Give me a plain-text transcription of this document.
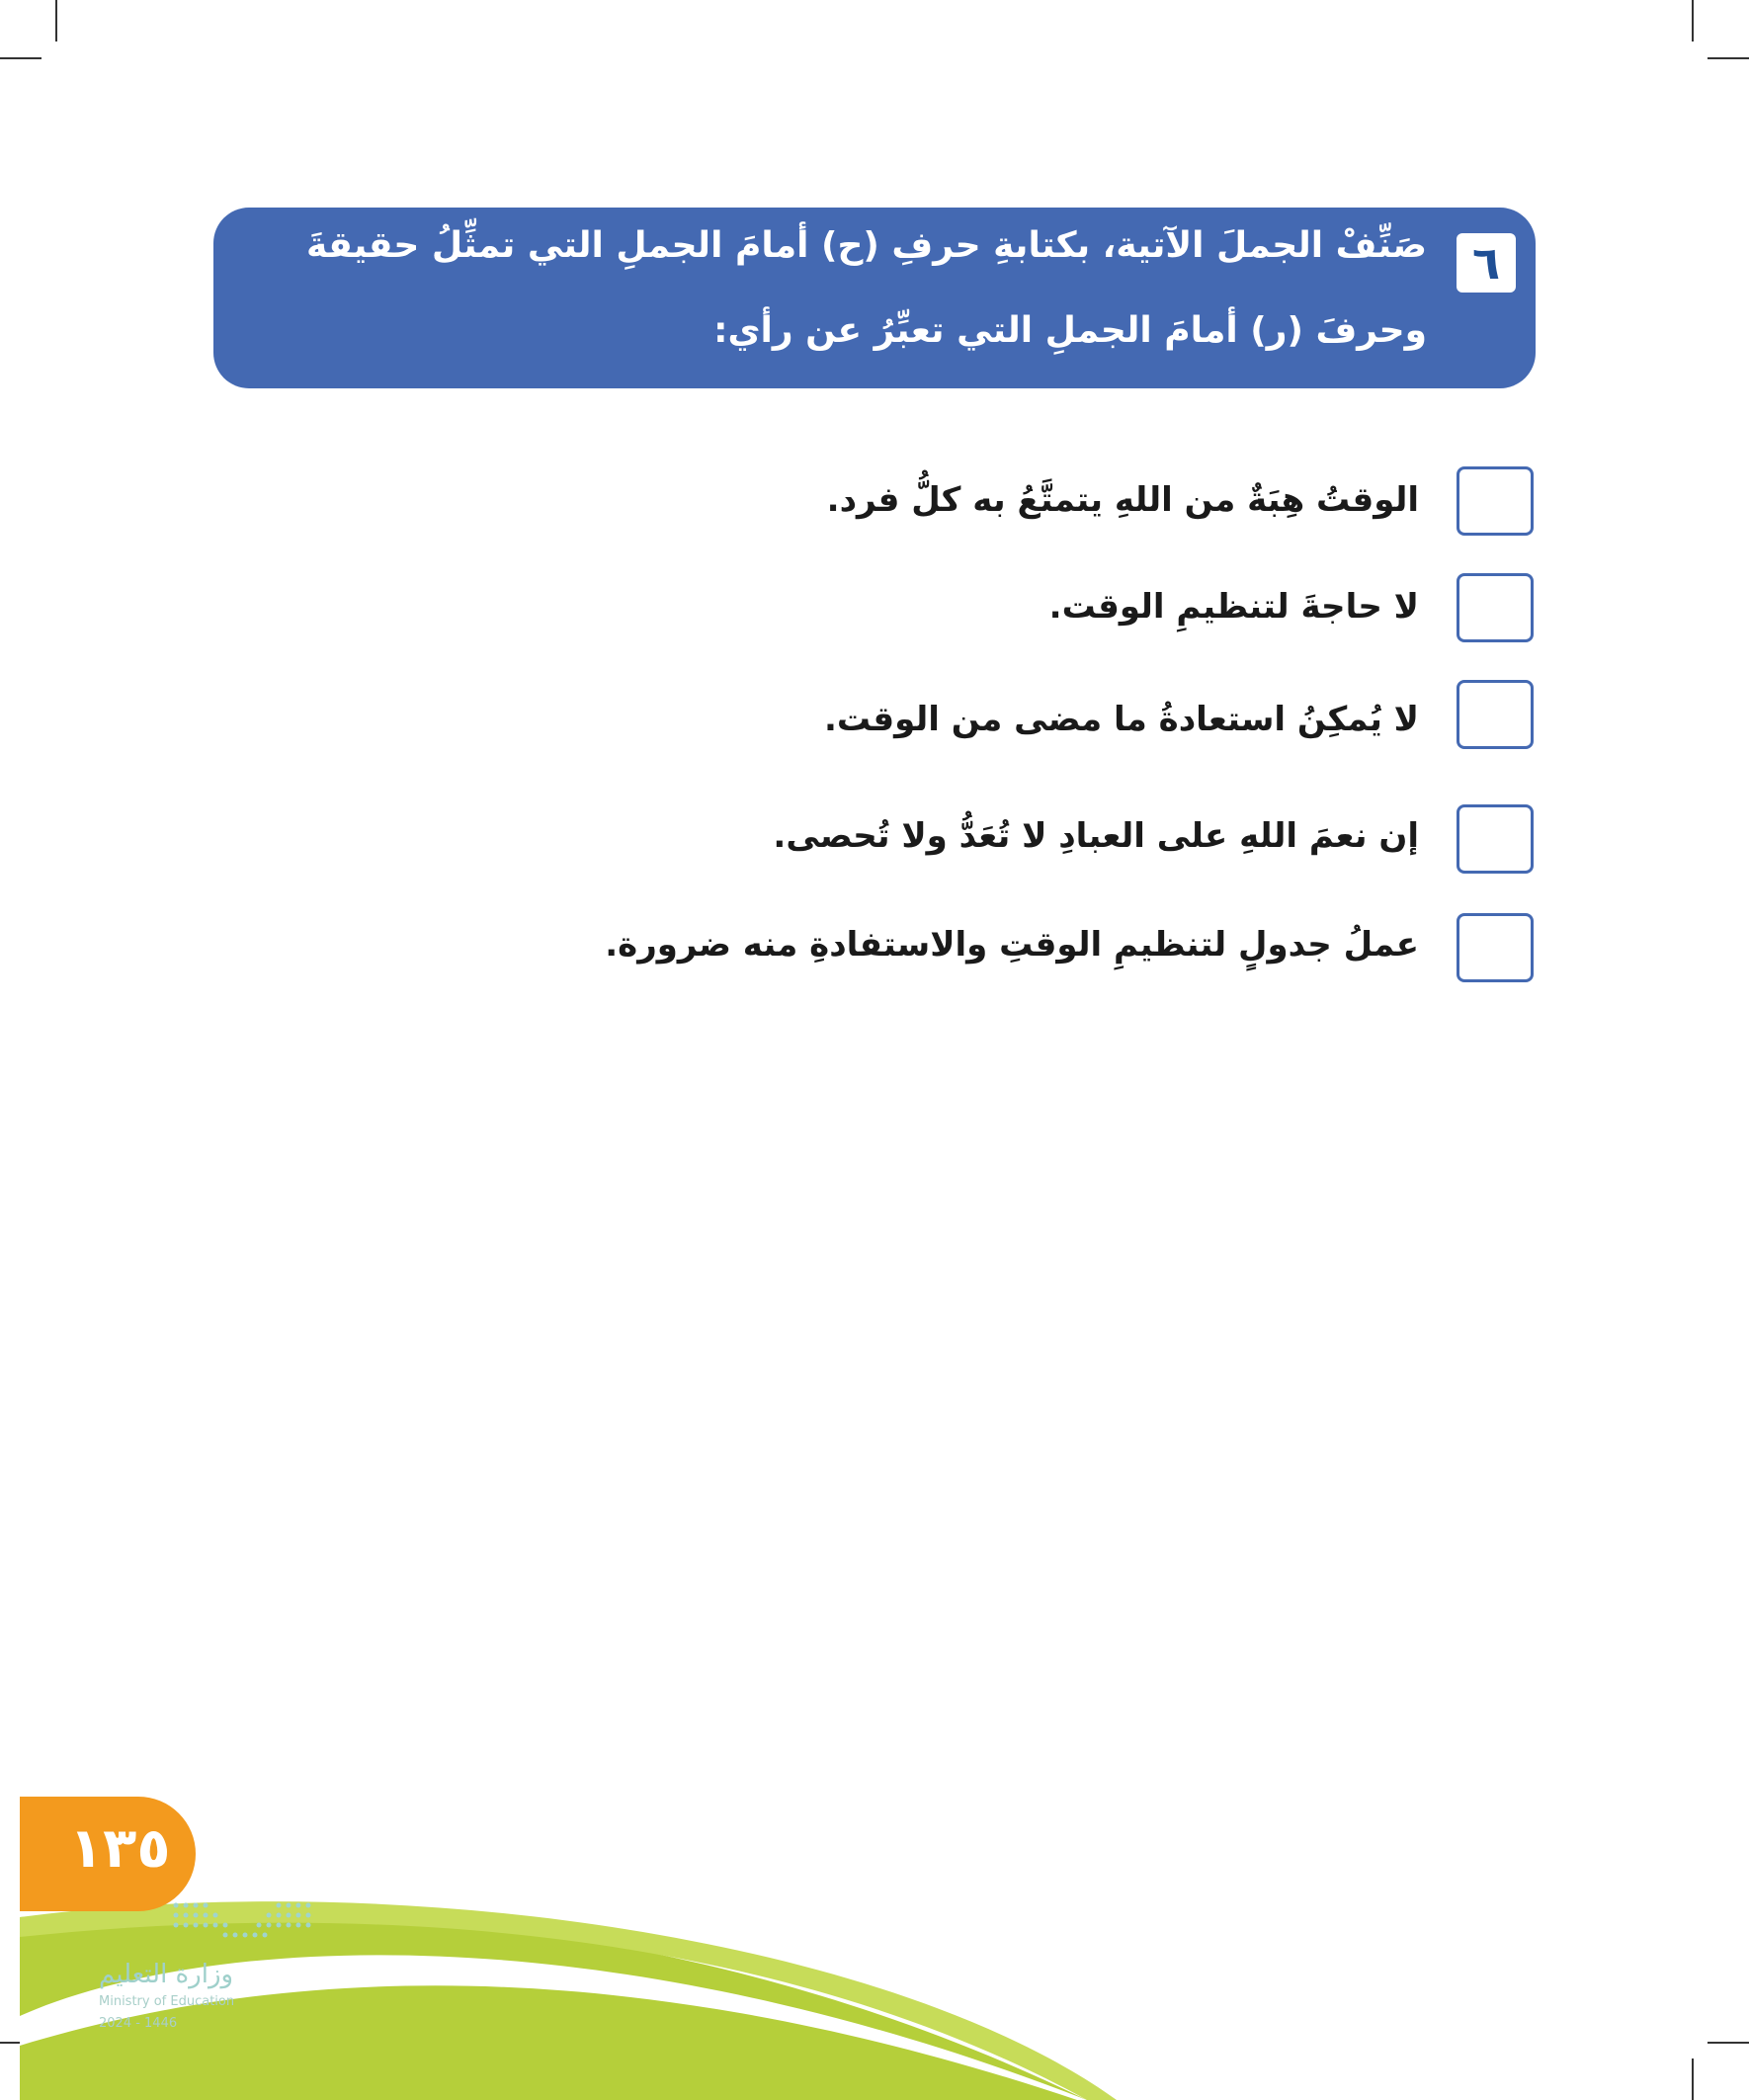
٦
صَنِّفْ الجملَ الآتية، بكتابةِ حرفِ (ح) أمامَ الجملِ التي تمثِّلُ حقيقةَ
وحرفَ (ر) أمامَ الجملِ التي تعبِّرُ عن رأي:
الوقتُ هِبَةٌ من اللهِ يتمتَّعُ به كلُّ فرد.
لا حاجةَ لتنظيمِ الوقت.
لا يُمكِنُ استعادةُ ما مضى من الوقت.
إن نعمَ اللهِ على العبادِ لا تُعَدُّ ولا تُحصى.
عملُ جدولٍ لتنظيمِ الوقتِ والاستفادةِ منه ضرورة.
وزارة التعليم
Ministry of Education
2024 - 1446
١٣٥
